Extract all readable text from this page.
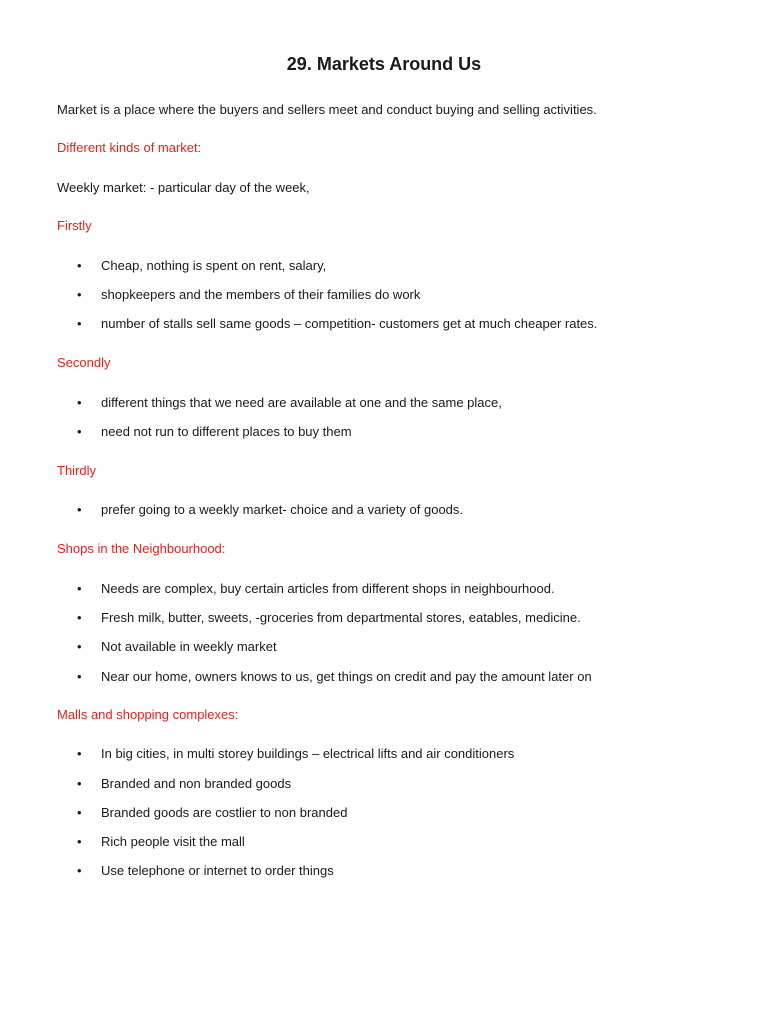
29. Markets Around Us
Market is a place where the buyers and sellers meet and conduct buying and selling activities.
Different kinds of market:
Weekly market: - particular day of the week,
Firstly
• Cheap, nothing is spent on rent, salary,
• shopkeepers and the members of their families do work
• number of stalls sell same goods – competition- customers get at much cheaper rates.
Secondly
• different things that we need are available at one and the same place,
• need not run to different places to buy them
Thirdly
• prefer going to a weekly market- choice and a variety of goods.
Shops in the Neighbourhood:
• Needs are complex, buy certain articles from different shops in neighbourhood.
• Fresh milk, butter, sweets, -groceries from departmental stores, eatables, medicine.
• Not available in weekly market
• Near our home, owners knows to us, get things on credit and pay the amount later on
Malls and shopping complexes:
• In big cities, in multi storey buildings – electrical lifts and air conditioners
• Branded and non branded goods
• Branded goods are costlier to non branded
• Rich people visit the mall
• Use telephone or internet to order things
